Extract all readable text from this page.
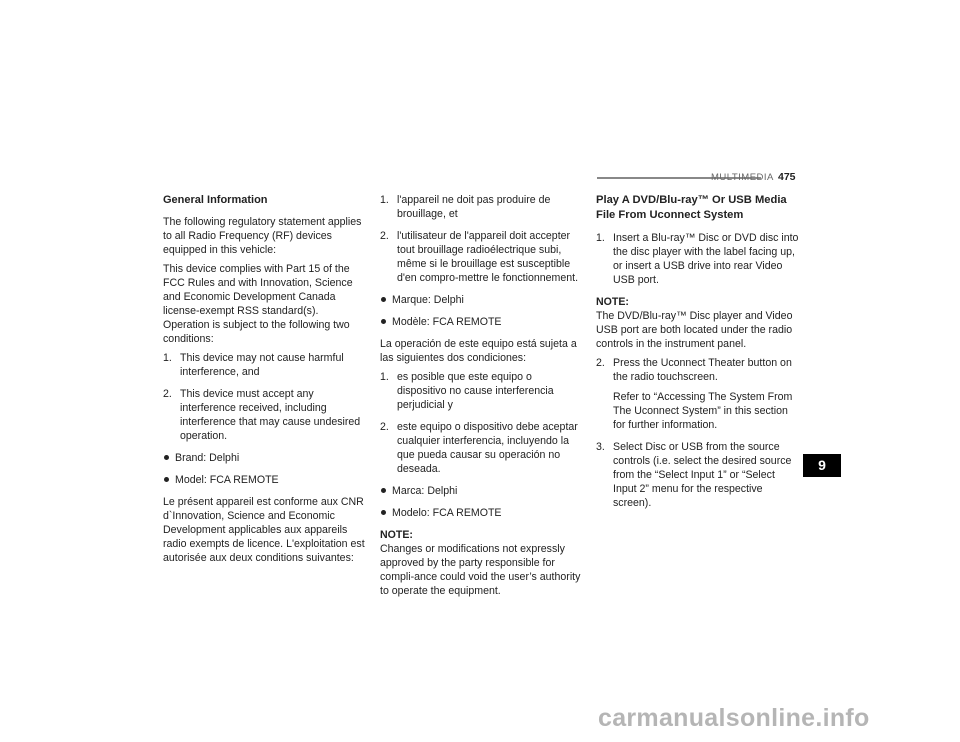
MULTIMEDIA 475
General Information

The following regulatory statement applies to all Radio Frequency (RF) devices equipped in this vehicle:

This device complies with Part 15 of the FCC Rules and with Innovation, Science and Economic Development Canada license-exempt RSS standard(s). Operation is subject to the following two conditions:

1. This device may not cause harmful interference, and
2. This device must accept any interference received, including interference that may cause undesired operation.
Brand: Delphi
Model: FCA REMOTE

Le présent appareil est conforme aux CNR d`Innovation, Science and Economic Development applicables aux appareils radio exempts de licence. L'exploitation est autorisée aux deux conditions suivantes:

1. l'appareil ne doit pas produire de brouillage, et
2. l'utilisateur de l'appareil doit accepter tout brouillage radioélectrique subi, même si le brouillage est susceptible d'en compro-mettre le fonctionnement.
Marque: Delphi
Modèle: FCA REMOTE

La operación de este equipo está sujeta a las siguientes dos condiciones:

1. es posible que este equipo o dispositivo no cause interferencia perjudicial y
2. este equipo o dispositivo debe aceptar cualquier interferencia, incluyendo la que pueda causar su operación no deseada.
Marca: Delphi
Modelo: FCA REMOTE
NOTE:

Changes or modifications not expressly approved by the party responsible for compli-ance could void the user’s authority to operate the equipment.

Play A DVD/Blu-ray™ Or USB Media File From Uconnect System
1. Insert a Blu-ray™ Disc or DVD disc into the disc player with the label facing up, or insert a USB drive into rear Video USB port.
NOTE:

The DVD/Blu-ray™ Disc player and Video USB port are both located under the radio controls in the instrument panel.

2. Press the Uconnect Theater button on the radio touchscreen.
Refer to “Accessing The System From The Uconnect System” in this section for further information.
3. Select Disc or USB from the source controls (i.e. select the desired source from the “Select Input 1” or “Select Input 2” menu for the respective screen).
9
carmanualsonline.info
